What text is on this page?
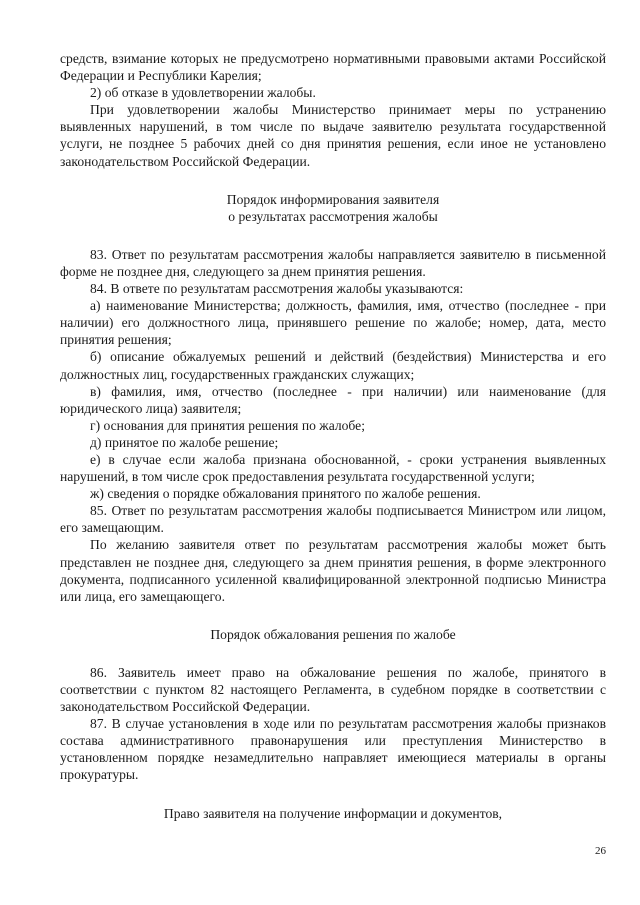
средств, взимание которых не предусмотрено нормативными правовыми актами Российской Федерации и Республики Карелия;

2) об отказе в удовлетворении жалобы.

При удовлетворении жалобы Министерство принимает меры по устранению выявленных нарушений, в том числе по выдаче заявителю результата государственной услуги, не позднее 5 рабочих дней со дня принятия решения, если иное не установлено законодательством Российской Федерации.

Порядок информирования заявителя

о результатах рассмотрения жалобы

83. Ответ по результатам рассмотрения жалобы направляется заявителю в письменной форме не позднее дня, следующего за днем принятия решения.

84. В ответе по результатам рассмотрения жалобы указываются:

а) наименование Министерства; должность, фамилия, имя, отчество (последнее - при наличии) его должностного лица, принявшего решение по жалобе; номер, дата, место принятия решения;

б) описание обжалуемых решений и действий (бездействия) Министерства и его должностных лиц, государственных гражданских служащих;

в) фамилия, имя, отчество (последнее - при наличии) или наименование (для юридического лица) заявителя;

г) основания для принятия решения по жалобе;

д) принятое по жалобе решение;

е) в случае если жалоба признана обоснованной, - сроки устранения выявленных нарушений, в том числе срок предоставления результата государственной услуги;

ж) сведения о порядке обжалования принятого по жалобе решения.

85. Ответ по результатам рассмотрения жалобы подписывается Министром или лицом, его замещающим.

По желанию заявителя ответ по результатам рассмотрения жалобы может быть представлен не позднее дня, следующего за днем принятия решения, в форме электронного документа, подписанного усиленной квалифицированной электронной подписью Министра или лица, его замещающего.

Порядок обжалования решения по жалобе

86. Заявитель имеет право на обжалование решения по жалобе, принятого в соответствии с пунктом 82 настоящего Регламента, в судебном порядке в соответствии с законодательством Российской Федерации.

87. В случае установления в ходе или по результатам рассмотрения жалобы признаков состава административного правонарушения или преступления Министерство в установленном порядке незамедлительно направляет имеющиеся материалы в органы прокуратуры.

Право заявителя на получение информации и документов,

26
